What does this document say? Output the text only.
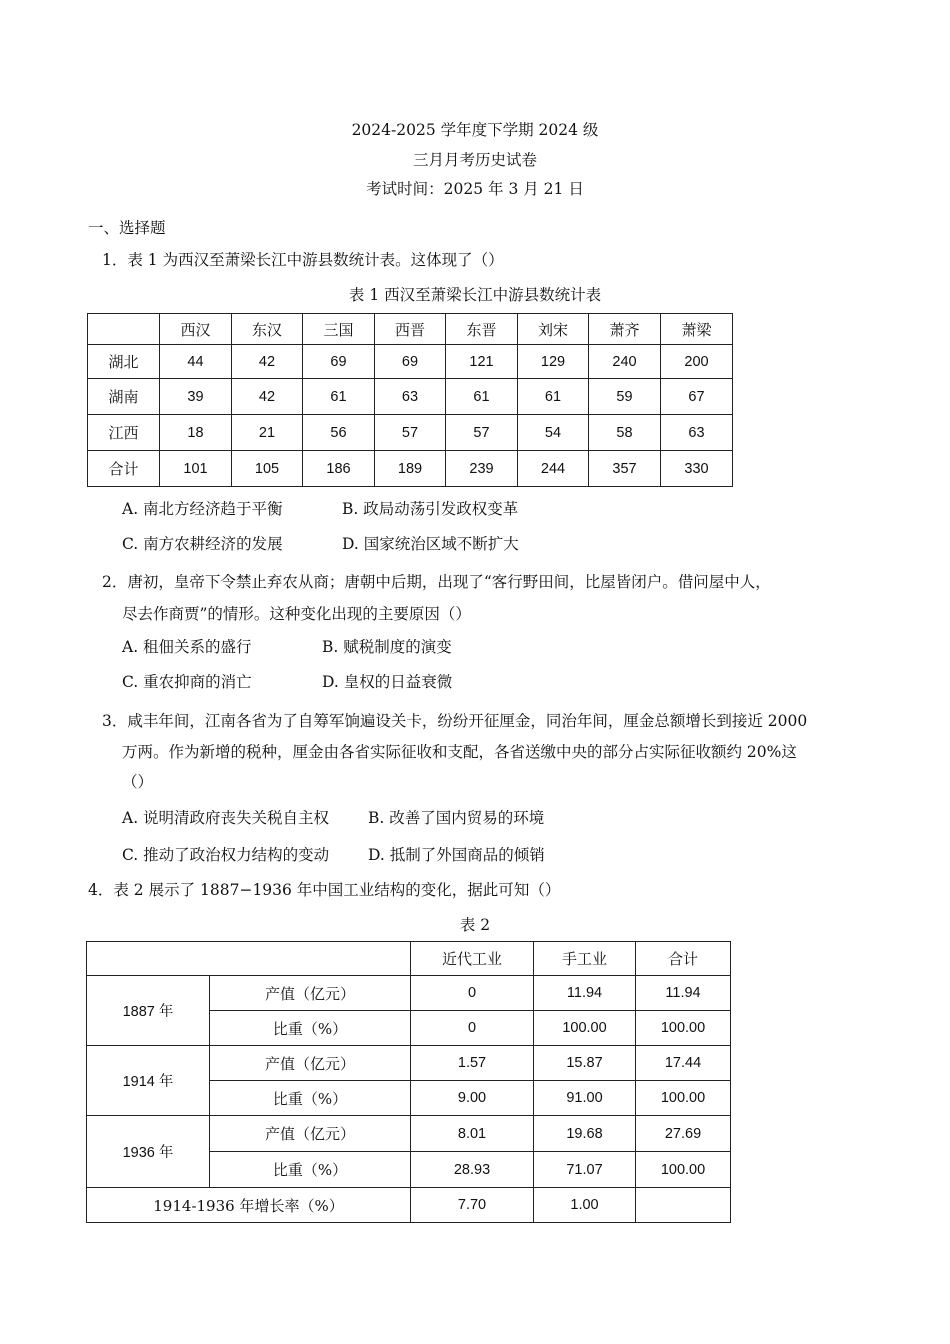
2024-2025 学年度下学期 2024 级
三月月考历史试卷
考试时间：2025 年 3 月 21 日
一、选择题
1．表 1 为西汉至萧梁长江中游县数统计表。这体现了（）
表 1 西汉至萧梁长江中游县数统计表
	西汉	东汉	三国	西晋	东晋	刘宋	萧齐	萧梁
湖北	44	42	69	69	121	129	240	200
湖南	39	42	61	63	61	61	59	67
江西	18	21	56	57	57	54	58	63
合计	101	105	186	189	239	244	357	330
A. 南北方经济趋于平衡	B. 政局动荡引发政权变革
C. 南方农耕经济的发展	D. 国家统治区域不断扩大
2．唐初，皇帝下令禁止弃农从商；唐朝中后期，出现了“客行野田间，比屋皆闭户。借问屋中人，
尽去作商贾”的情形。这种变化出现的主要原因（）
A. 租佃关系的盛行	B. 赋税制度的演变
C. 重农抑商的消亡	D. 皇权的日益衰微
3．咸丰年间，江南各省为了自筹军饷遍设关卡，纷纷开征厘金，同治年间，厘金总额增长到接近 2000
万两。作为新增的税种，厘金由各省实际征收和支配，各省送缴中央的部分占实际征收额约 20%这
（）
A. 说明清政府丧失关税自主权	B. 改善了国内贸易的环境
C. 推动了政治权力结构的变动	D. 抵制了外国商品的倾销
4．表 2 展示了 1887−1936 年中国工业结构的变化，据此可知（）
表 2
		近代工业	手工业	合计
1887 年	产值（亿元）	0	11.94	11.94
	比重（%）	0	100.00	100.00
1914 年	产值（亿元）	1.57	15.87	17.44
	比重（%）	9.00	91.00	100.00
1936 年	产值（亿元）	8.01	19.68	27.69
	比重（%）	28.93	71.07	100.00
1914-1936 年增长率（%）		7.70	1.00	
